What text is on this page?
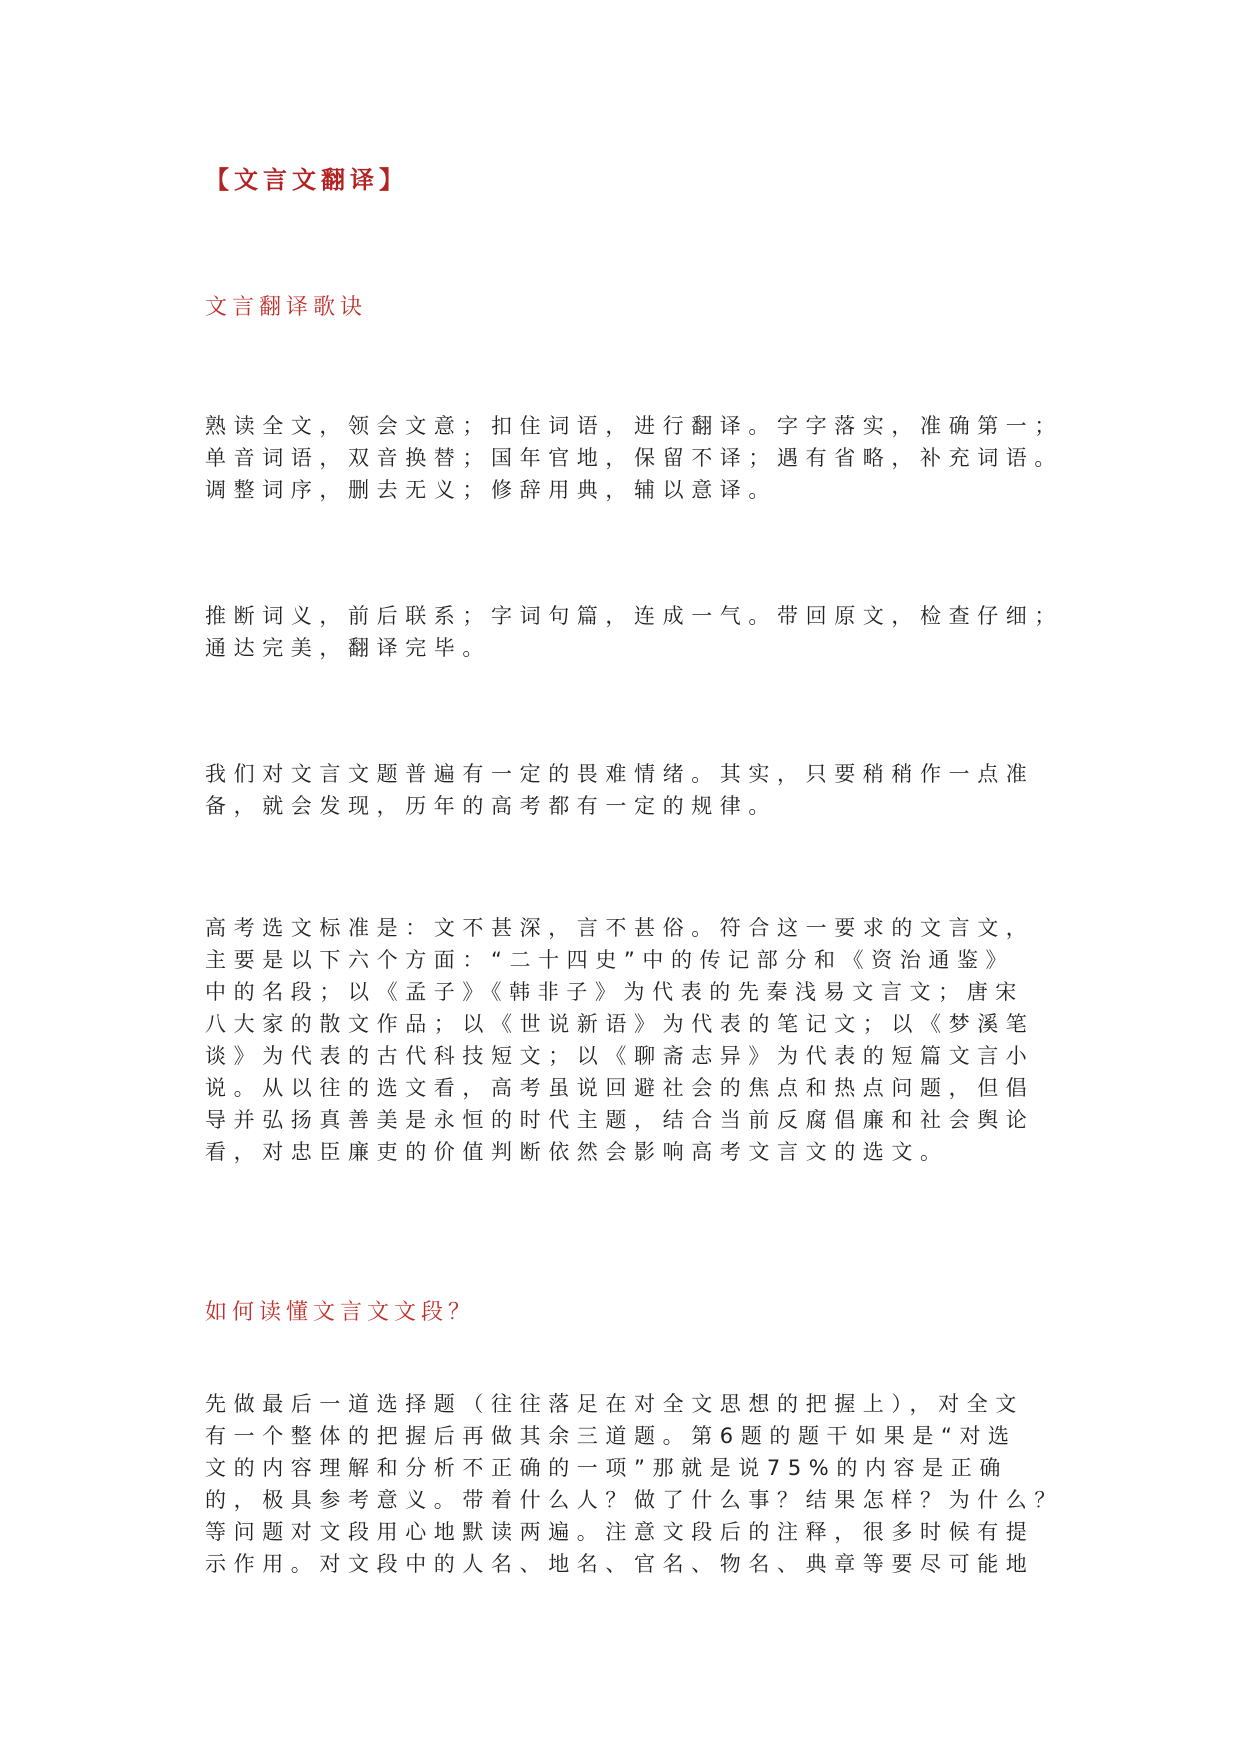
【文言文翻译】
文言翻译歌诀
熟读全文，领会文意；扣住词语，进行翻译。字字落实，准确第一；
单音词语，双音换替；国年官地，保留不译；遇有省略，补充词语。
调整词序，删去无义；修辞用典，辅以意译。
推断词义，前后联系；字词句篇，连成一气。带回原文，检查仔细；
通达完美，翻译完毕。
我们对文言文题普遍有一定的畏难情绪。其实，只要稍稍作一点准
备，就会发现，历年的高考都有一定的规律。
高考选文标准是：文不甚深，言不甚俗。符合这一要求的文言文，
主要是以下六个方面：“二十四史”中的传记部分和《资治通鉴》
中的名段；以《孟子》《韩非子》为代表的先秦浅易文言文；唐宋
八大家的散文作品；以《世说新语》为代表的笔记文；以《梦溪笔
谈》为代表的古代科技短文；以《聊斋志异》为代表的短篇文言小
说。从以往的选文看，高考虽说回避社会的焦点和热点问题，但倡
导并弘扬真善美是永恒的时代主题，结合当前反腐倡廉和社会舆论
看，对忠臣廉吏的价值判断依然会影响高考文言文的选文。
如何读懂文言文文段？
先做最后一道选择题（往往落足在对全文思想的把握上），对全文
有一个整体的把握后再做其余三道题。第6题的题干如果是“对选
文的内容理解和分析不正确的一项”那就是说75%的内容是正确
的，极具参考意义。带着什么人？做了什么事？结果怎样？为什么？
等问题对文段用心地默读两遍。注意文段后的注释，很多时候有提
示作用。对文段中的人名、地名、官名、物名、典章等要尽可能地
